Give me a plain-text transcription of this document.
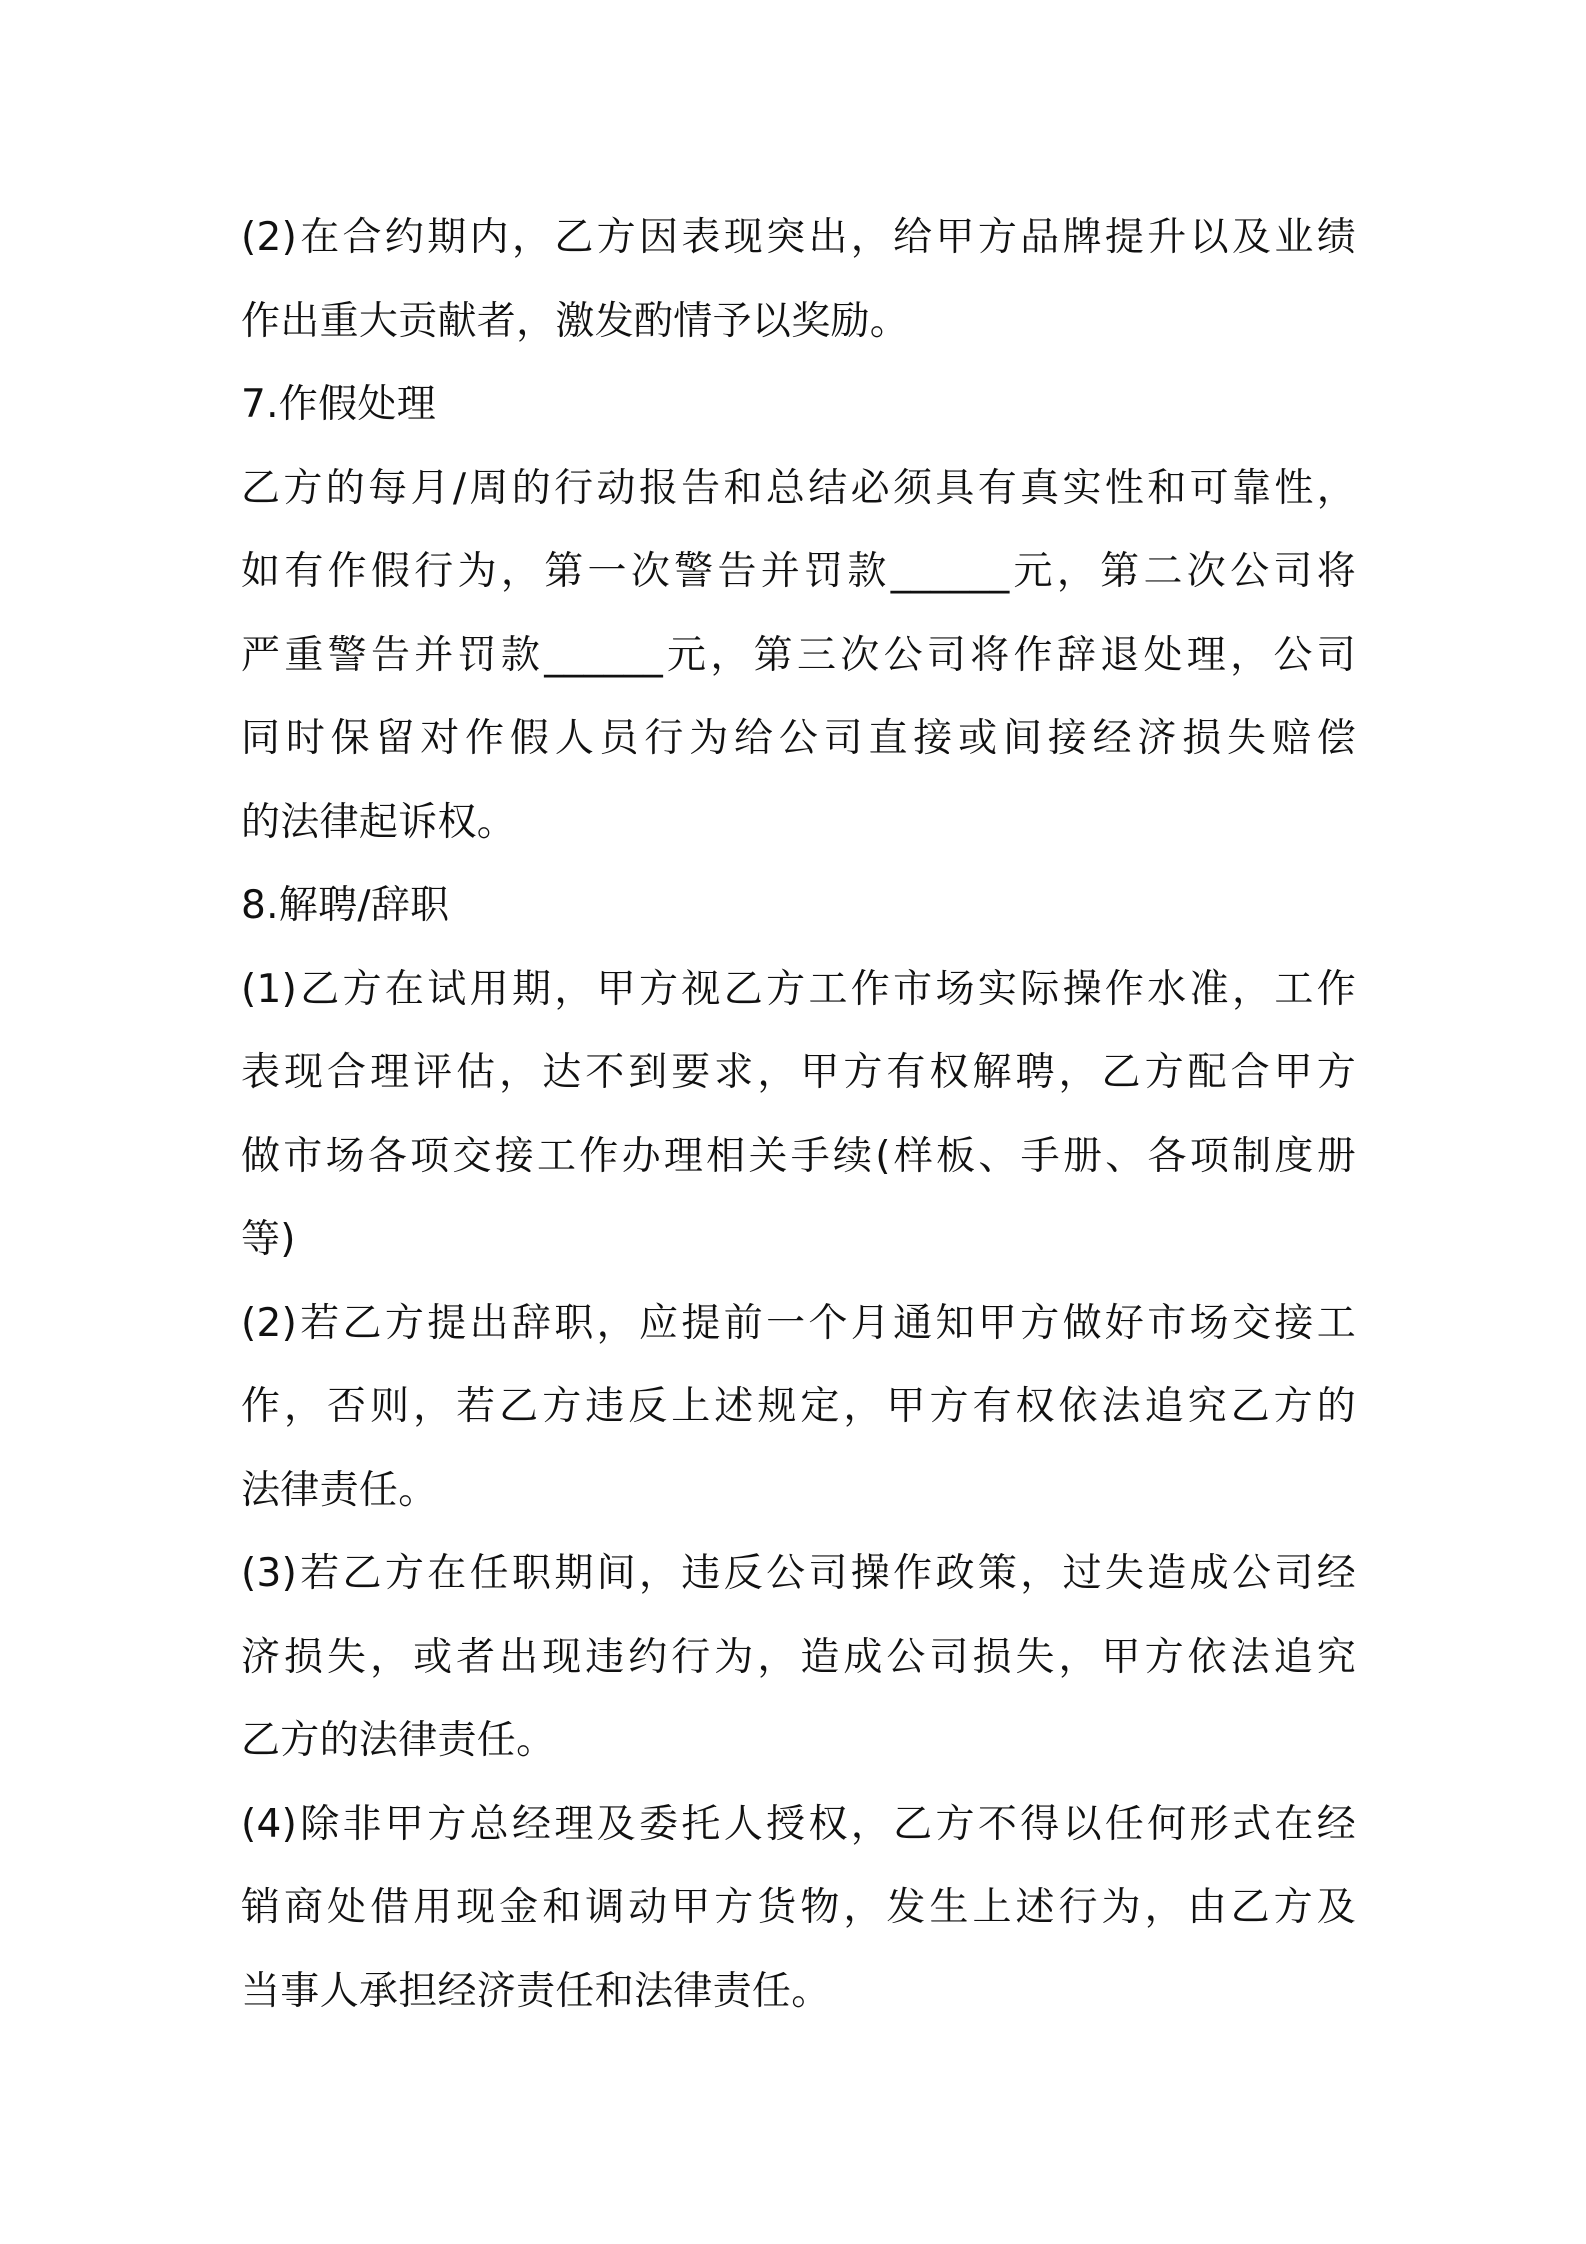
(2)在合约期内，乙方因表现突出，给甲方品牌提升以及业绩
作出重大贡献者，激发酌情予以奖励。
7.作假处理
乙方的每月/周的行动报告和总结必须具有真实性和可靠性，
如有作假行为，第一次警告并罚款______元，第二次公司将
严重警告并罚款______元，第三次公司将作辞退处理，公司
同时保留对作假人员行为给公司直接或间接经济损失赔偿
的法律起诉权。
8.解聘/辞职
(1)乙方在试用期，甲方视乙方工作市场实际操作水准，工作
表现合理评估，达不到要求，甲方有权解聘，乙方配合甲方
做市场各项交接工作办理相关手续(样板、手册、各项制度册
等)
(2)若乙方提出辞职，应提前一个月通知甲方做好市场交接工
作，否则，若乙方违反上述规定，甲方有权依法追究乙方的
法律责任。
(3)若乙方在任职期间，违反公司操作政策，过失造成公司经
济损失，或者出现违约行为，造成公司损失，甲方依法追究
乙方的法律责任。
(4)除非甲方总经理及委托人授权，乙方不得以任何形式在经
销商处借用现金和调动甲方货物，发生上述行为，由乙方及
当事人承担经济责任和法律责任。
